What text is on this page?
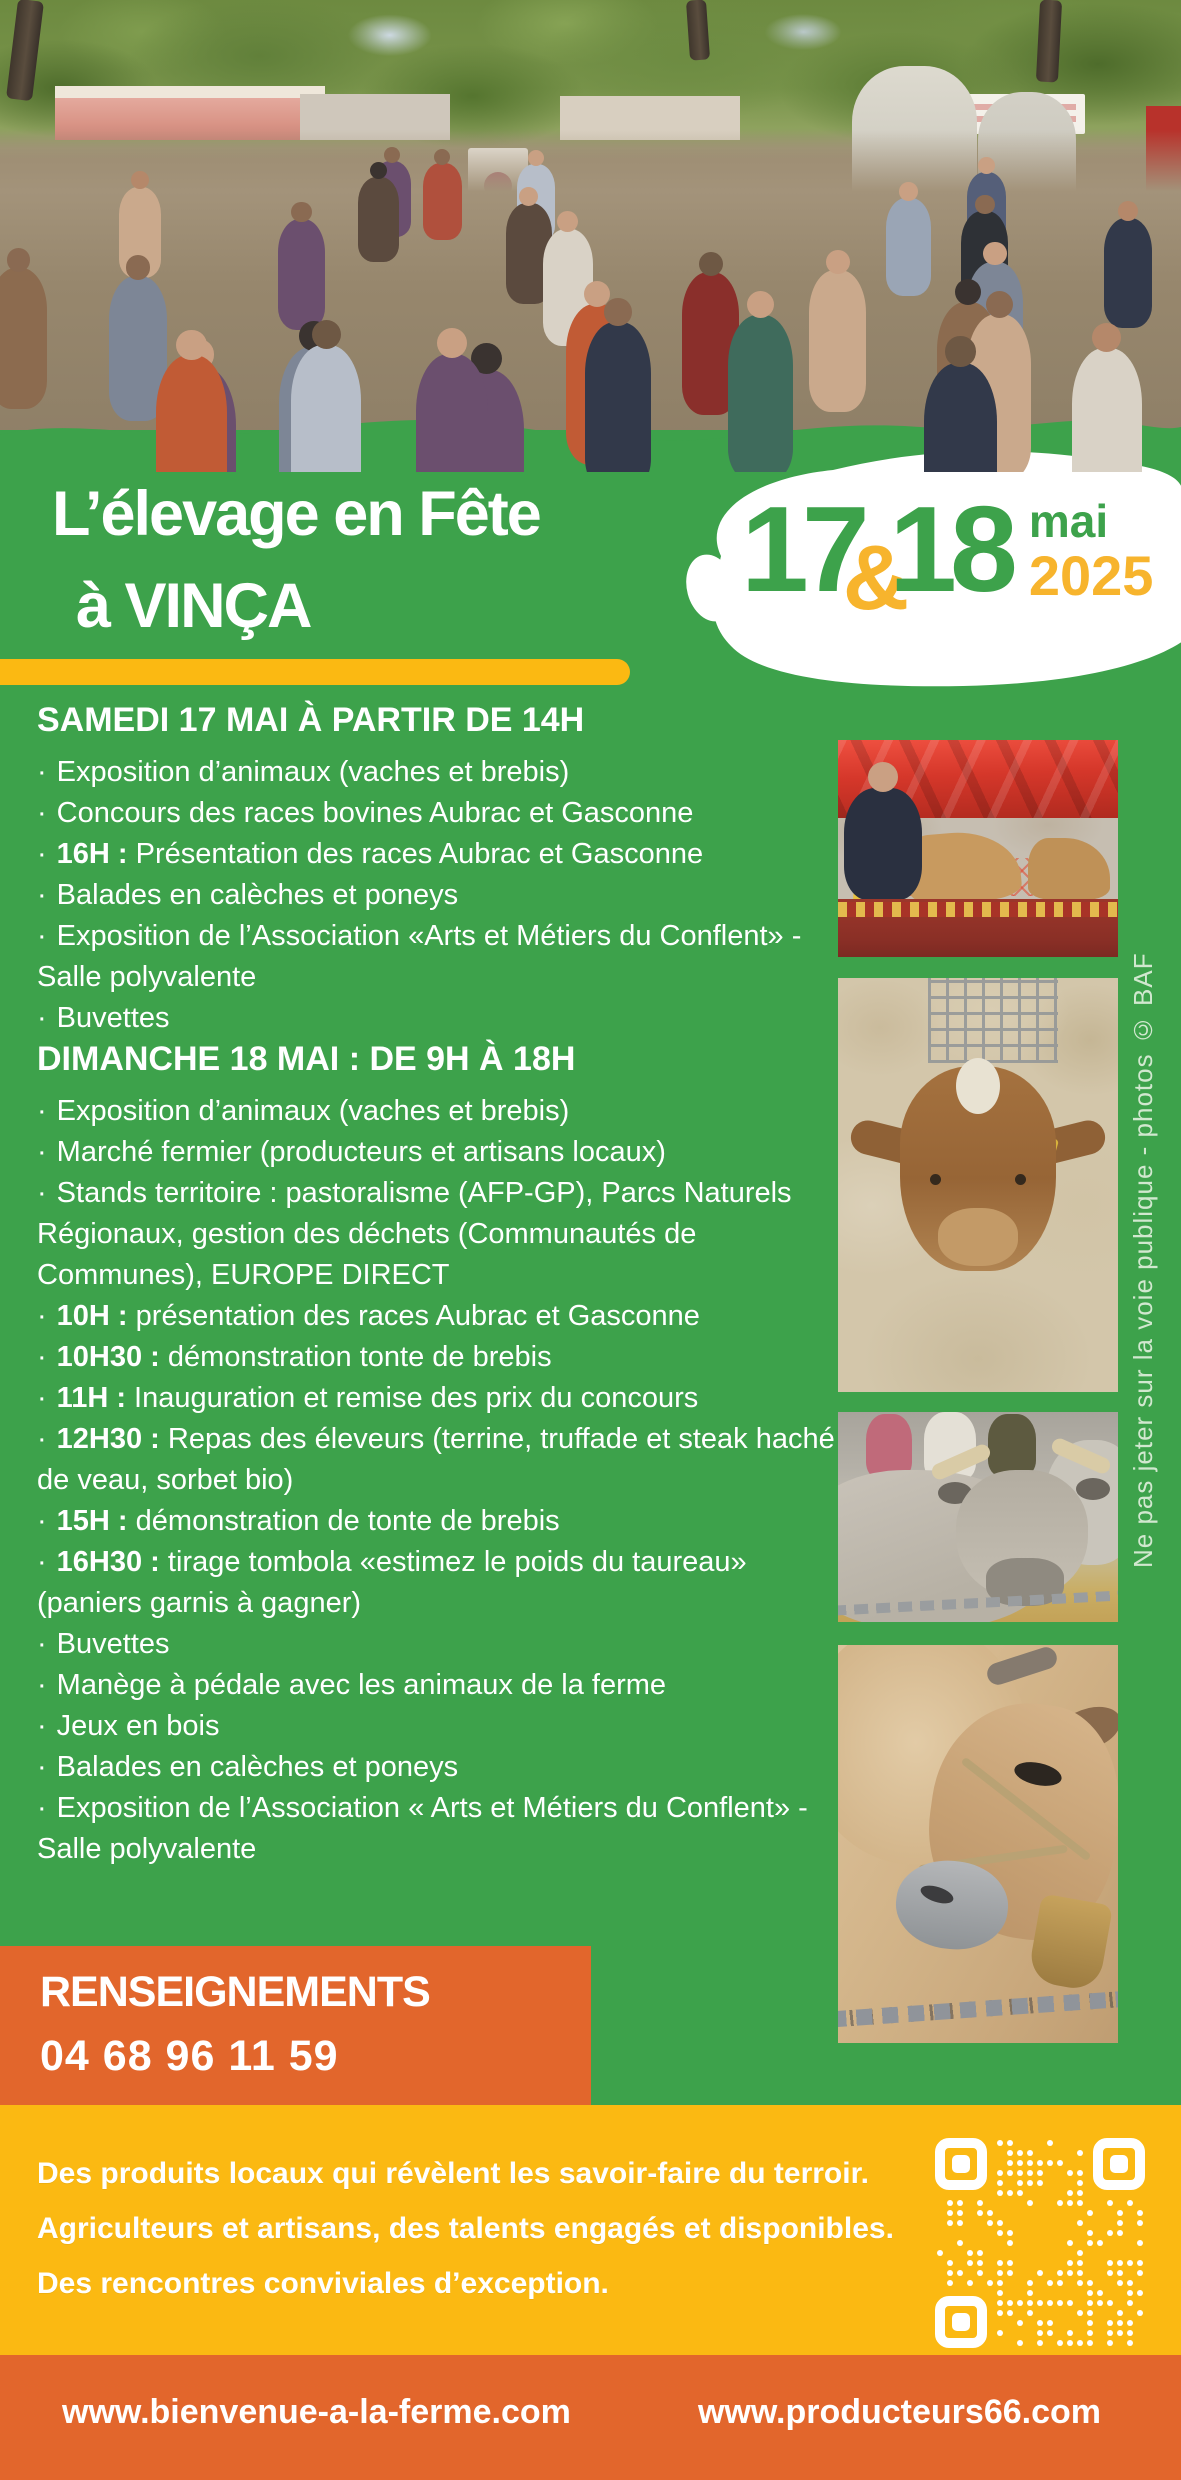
L’élevage en Fête
à VINÇA	17
&
18 mai
2025
SAMEDI 17 MAI À PARTIR DE 14H
· Exposition d’animaux (vaches et brebis)
· Concours des races bovines Aubrac et Gasconne
· 16H : Présentation des races Aubrac et Gasconne
· Balades en calèches et poneys
· Exposition de l’Association «Arts et Métiers du Conflent» - Salle polyvalente
· Buvettes
DIMANCHE 18 MAI : DE 9H À 18H
· Exposition d’animaux (vaches et brebis)
· Marché fermier (producteurs et artisans locaux)
· Stands territoire : pastoralisme (AFP-GP), Parcs Naturels Régionaux, gestion des déchets (Communautés de Communes), EUROPE DIRECT
· 10H : présentation des races Aubrac et Gasconne
· 10H30 : démonstration tonte de brebis
· 11H : Inauguration et remise des prix du concours
· 12H30 : Repas des éleveurs (terrine, truffade et steak haché de veau, sorbet bio)
· 15H : démonstration de tonte de brebis
· 16H30 : tirage tombola «estimez le poids du taureau» (paniers garnis à gagner)
· Buvettes
· Manège à pédale avec les animaux de la ferme
· Jeux en bois
· Balades en calèches et poneys
· Exposition de l’Association « Arts et Métiers du Conflent» - Salle polyvalente
Ne pas jeter sur la voie publique - photos © BAF
RENSEIGNEMENTS
04 68 96 11 59
Des produits locaux qui révèlent les savoir-faire du terroir.
Agriculteurs et artisans, des talents engagés et disponibles.
Des rencontres conviviales d’exception.
www.bienvenue-a-la-ferme.com	www.producteurs66.com
